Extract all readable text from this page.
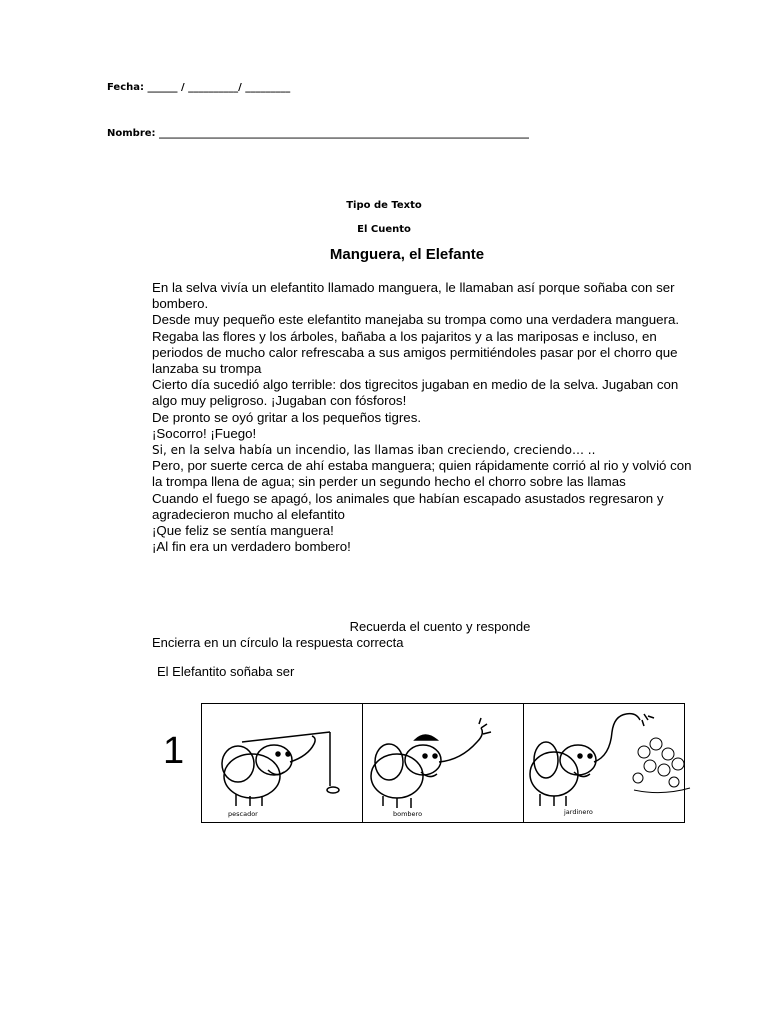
Fecha: ______ / __________/ _________
Nombre: __________________________________________________________________________
Tipo de Texto
El Cuento
Manguera, el Elefante

En la selva vivía un elefantito llamado manguera, le llamaban así porque soñaba con ser bombero.

Desde muy pequeño este elefantito manejaba su trompa como una verdadera manguera. Regaba las flores y los árboles, bañaba a los pajaritos y a las mariposas e incluso, en periodos de mucho calor refrescaba a sus amigos permitiéndoles pasar por el chorro que lanzaba su trompa

Cierto día sucedió algo terrible: dos tigrecitos jugaban en medio de la selva. Jugaban con algo muy peligroso. ¡Jugaban con fósforos!

De pronto se oyó gritar a los pequeños tigres.

¡Socorro! ¡Fuego!

Si, en la selva había un incendio, las llamas iban creciendo, creciendo… ..

Pero, por suerte cerca de ahí estaba manguera; quien rápidamente corrió al rio y volvió con la trompa llena de agua; sin perder un segundo hecho el chorro sobre las llamas

Cuando el fuego se apagó, los animales que habían escapado asustados regresaron y agradecieron mucho al elefantito

¡Que feliz se sentía manguera!

¡Al fin era un verdadero bombero!

Recuerda el cuento y responde
Encierra en un círculo la respuesta correcta
El Elefantito soñaba ser
1
pescador	bombero	jardinero
